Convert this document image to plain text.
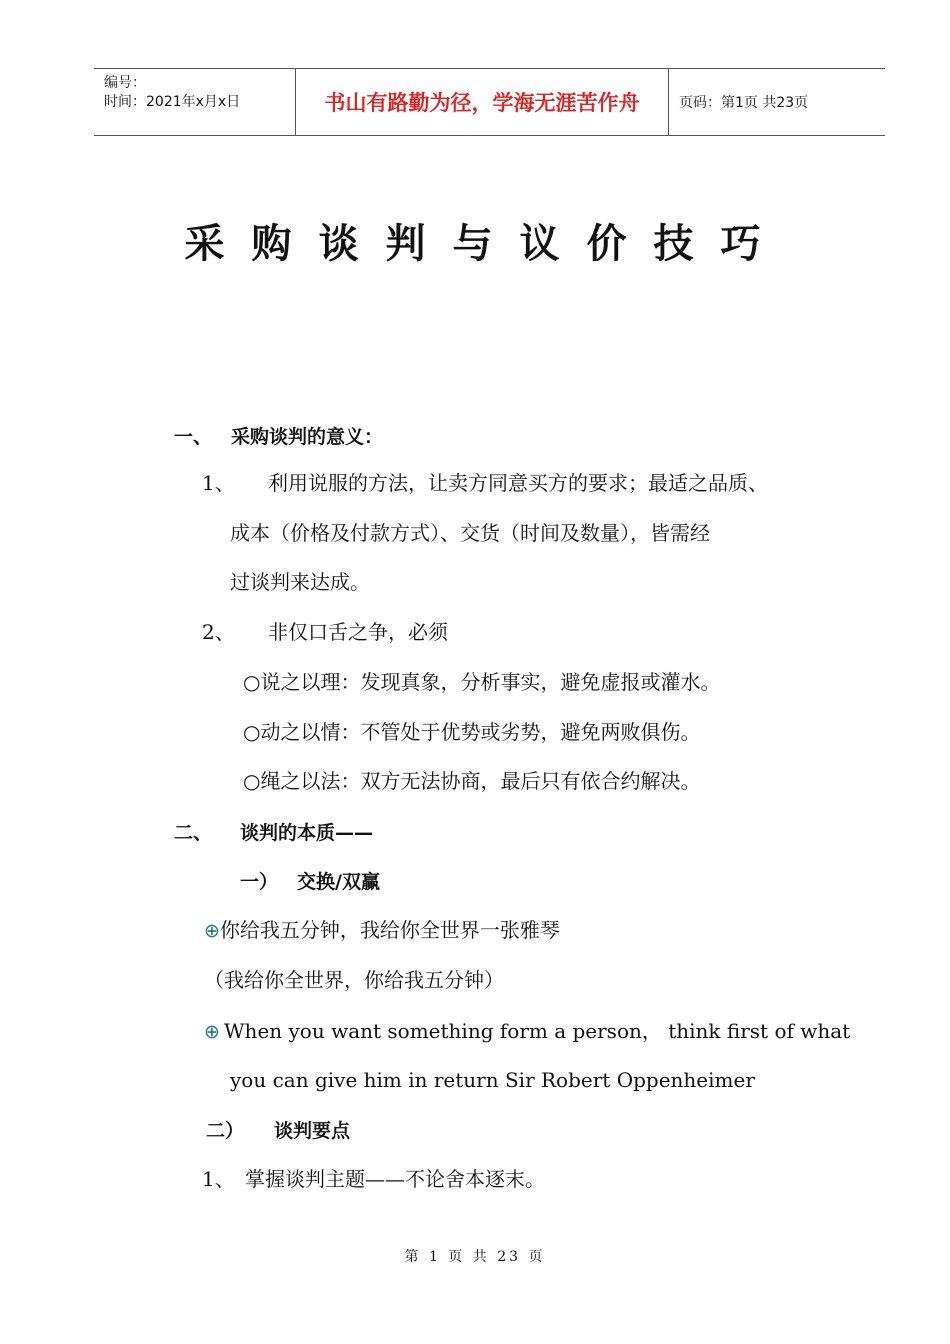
编号：
时间：2021年x月x日	书山有路勤为径，学海无涯苦作舟	页码：第1页 共23页
采购谈判与议价技巧
一、 采购谈判的意义：
1、 利用说服的方法，让卖方同意买方的要求；最适之品质、
成本（价格及付款方式）、交货（时间及数量），皆需经
过谈判来达成。
2、 非仅口舌之争，必须
○说之以理：发现真象，分析事实，避免虚报或灌水。
○动之以情：不管处于优势或劣势，避免两败俱伤。
○绳之以法：双方无法协商，最后只有依合约解决。
二、 谈判的本质——
一） 交换/双赢
⊕你给我五分钟，我给你全世界一张雅琴
（我给你全世界，你给我五分钟）
⊕ When you want something form a person， think first of what
you can give him in return Sir Robert Oppenheimer
二） 谈判要点
1、 掌握谈判主题——不论舍本逐末。
第 1 页 共 23 页
